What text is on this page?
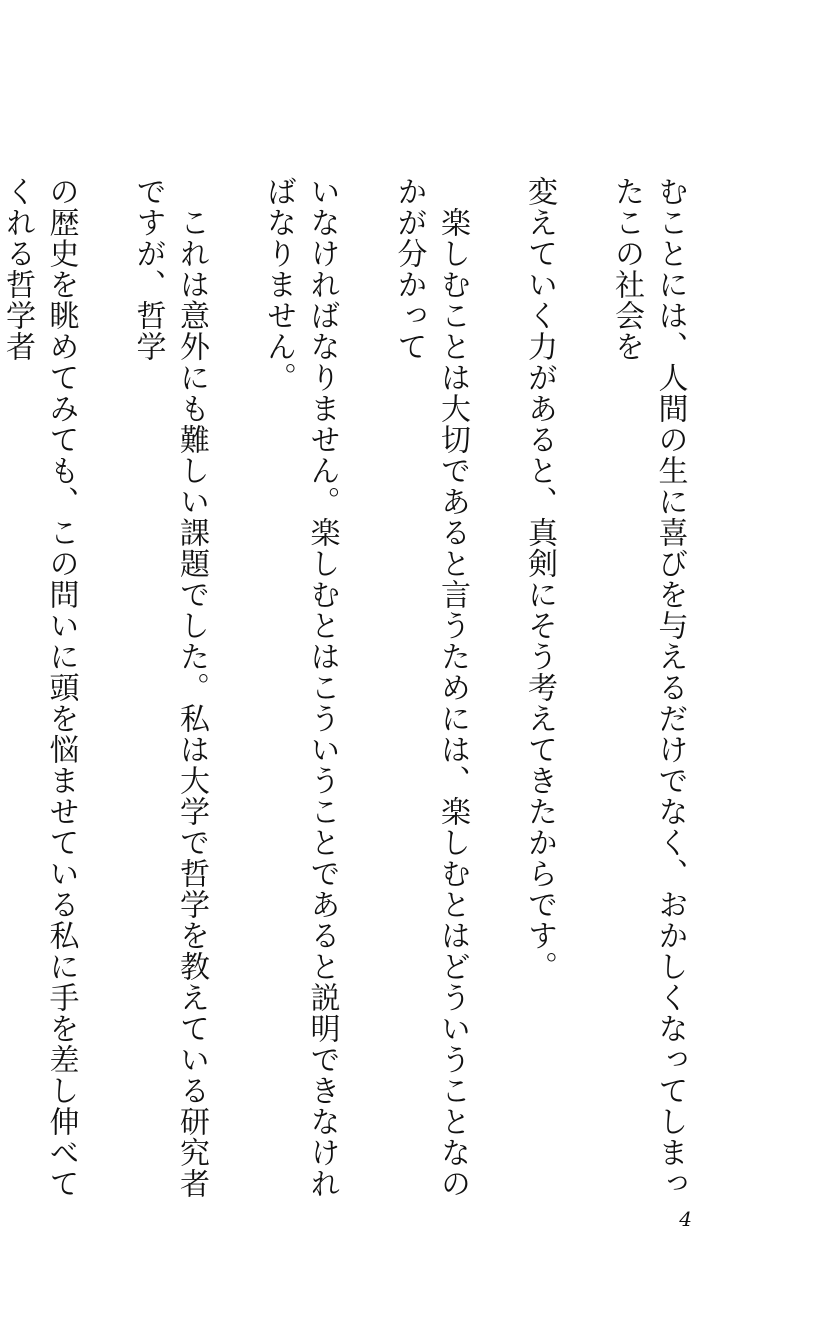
むことには、人間の生に喜びを与えるだけでなく、おかしくなってしまったこの社会を

変えていく力があると、真剣にそう考えてきたからです。

　楽しむことは大切であると言うためには、楽しむとはどういうことなのかが分かって

いなければなりません。楽しむとはこういうことであると説明できなければなりません。

　これは意外にも難しい課題でした。私は大学で哲学を教えている研究者ですが、哲学

の歴史を眺めてみても、この問いに頭を悩ませている私に手を差し伸べてくれる哲学者

4
